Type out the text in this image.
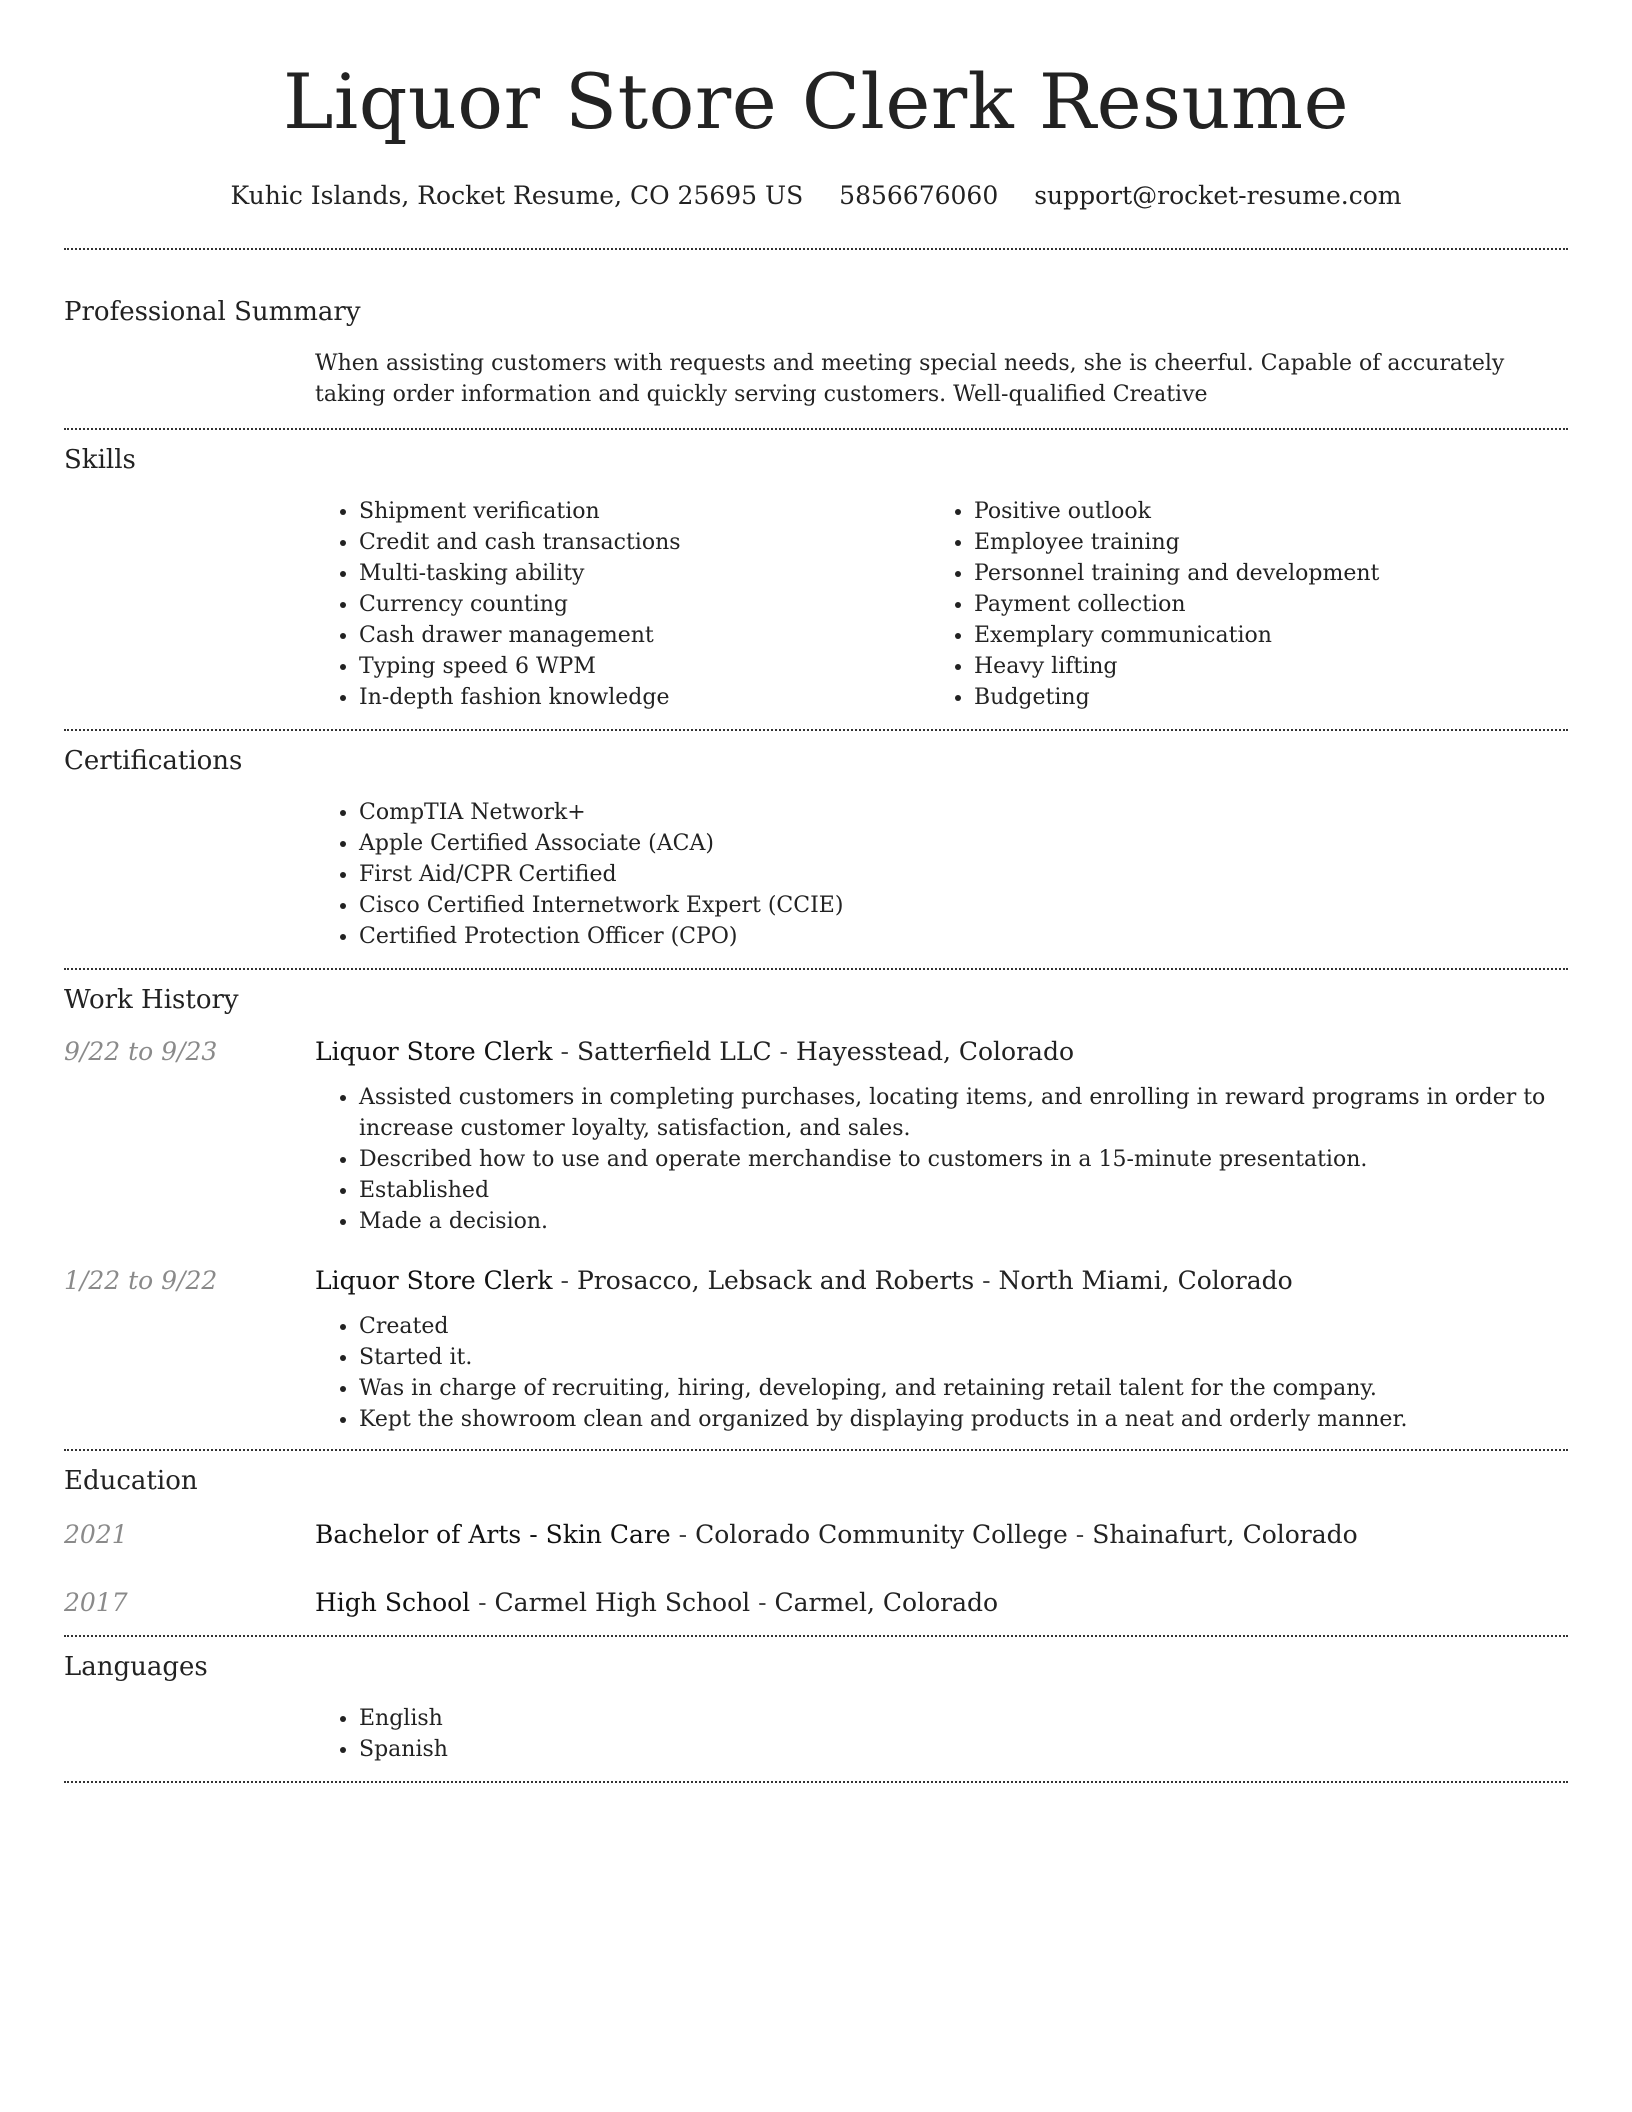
Liquor Store Clerk Resume
Kuhic Islands, Rocket Resume, CO 25695 US 5856676060 support@rocket-resume.com
Professional Summary

When assisting customers with requests and meeting special needs, she is cheerful. Capable of accurately taking order information and quickly serving customers. Well-qualified Creative

Skills
• Shipment verification
• Credit and cash transactions
• Multi-tasking ability
• Currency counting
• Cash drawer management
• Typing speed 6 WPM
• In-depth fashion knowledge
• Positive outlook
• Employee training
• Personnel training and development
• Payment collection
• Exemplary communication
• Heavy lifting
• Budgeting
Certifications
• CompTIA Network+
• Apple Certified Associate (ACA)
• First Aid/CPR Certified
• Cisco Certified Internetwork Expert (CCIE)
• Certified Protection Officer (CPO)
Work History
9/22 to 9/23	Liquor Store Clerk - Satterfield LLC - Hayesstead, Colorado
• Assisted customers in completing purchases, locating items, and enrolling in reward programs in order to increase customer loyalty, satisfaction, and sales.
• Described how to use and operate merchandise to customers in a 15-minute presentation.
• Established
• Made a decision.
1/22 to 9/22	Liquor Store Clerk - Prosacco, Lebsack and Roberts - North Miami, Colorado
• Created
• Started it.
• Was in charge of recruiting, hiring, developing, and retaining retail talent for the company.
• Kept the showroom clean and organized by displaying products in a neat and orderly manner.
Education
2021	Bachelor of Arts - Skin Care - Colorado Community College - Shainafurt, Colorado
2017	High School - Carmel High School - Carmel, Colorado
Languages
• English
• Spanish
